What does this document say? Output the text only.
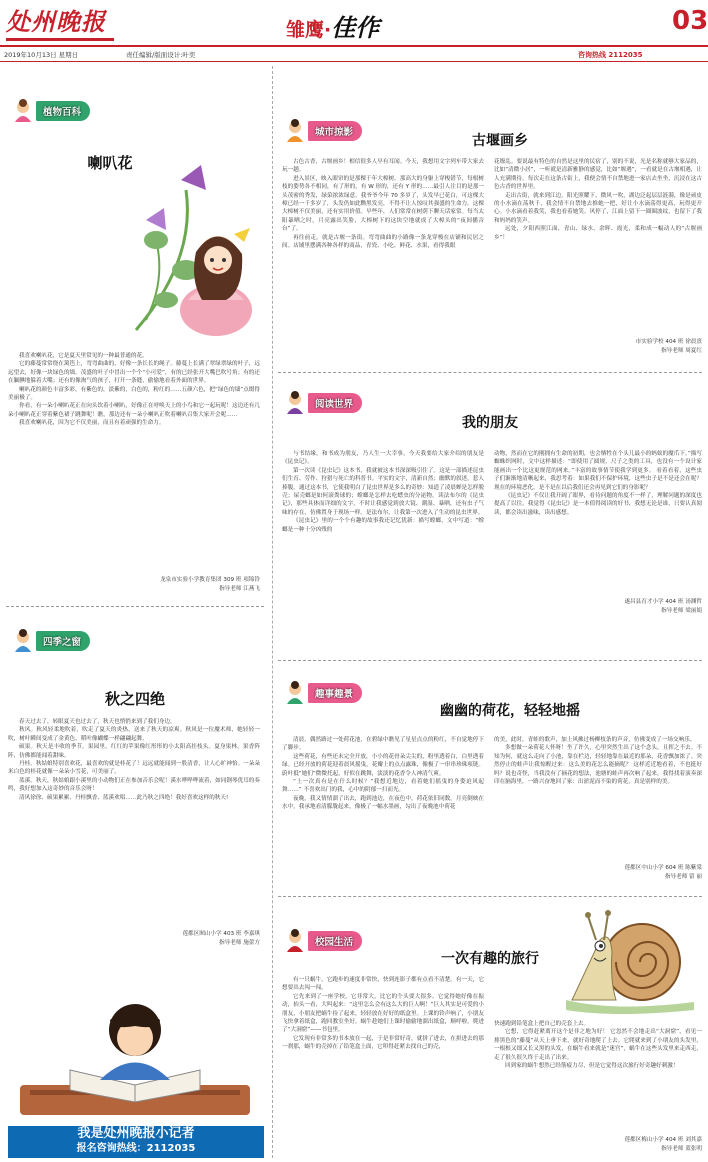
处州晚报	雏鹰·佳作	03
2019年10月13日 星期日	责任编辑/版面设计:叶奕	咨询热线 2112035
植物百科
喇叭花

我喜欢喇叭花，它是夏天里常见的一种最普通的花。

它的藤蔓常常绕在篱笆上，弯弯曲曲的，好像一条长长的绳子。藤蔓上长满了翠绿翠绿的叶子，远远望去，好像一块绿色的墙。茂盛的叶子中冒出一个个“小可爱”，有的已经张开大嘴巴吹号角；有的还在腼腆地躲着大嘴；还有的像淘气的孩子，打开一条缝，偷偷地看着外面的世界。

喇叭花的颜色丰富多彩，有紫色的，淡紫的，白色的，粉红的……五颜六色，把“绿色的墙”点缀得美丽极了。

你看，有一朵小喇叭花正在向头饮着小喇叭，好像正在呼唤天上的小鸟和它一起玩呢！这边还有几朵小喇叭花正穿着紫色裙子跳舞呢！瞧，那边还有一朵小喇叭正吹着喇叭召集大家开会呢……

我喜欢喇叭花，因为它不仅美丽，而且有着顽强的生命力。

龙泉市实验小学教育集团 309 班 项锦铃
指导老师 江燕飞
四季之窗
秋之四绝

春天过去了，转眼夏天也过去了，秋天也悄悄来到了我们身边。

秋风。秋风轻柔地吹着，吹走了夏天的炎热，送来了秋天的凉爽。秋风是一位魔术师，她轻轻一吹，树叶瞬间变成了金黄色，稻叶像蝴蝶一样翩翩起舞。

硕果。秋天是丰收的季节。果园里，红红的苹果像红彤彤的小太阳高挂枝头。夏身果林，果香阵阵，仿佛都能闻着甜味。

丹桂。秋姑娘特别喜欢花，最喜欢的就是桂花了！远远就能闻到一股清香，让人心旷神怡。一朵朵米白色的桂花就像一朵朵小雪花，可美丽了。

蓝溪。秋天，秋姑娘跟小溪里的小动物们正在参加音乐会呢！溪水哗哗哗流着，如同钢琴优耳的奏鸣，我好想加入这奇妙的音乐会呀！

清风徐徐、硕果累累、丹桂飘香、蓝溪欢唱……此乃秋之四绝！我好喜欢这样的秋天!

莲都区囿山小学 403 班 李嘉琪
指导老师 施蕾方
我是处州晚报小记者
报名咨询热线：2112035
城市掠影
古堰画乡

古色古香，古堰画乡！相信很多人早有耳闻。今天，我想用文字列车带大家去玩一趟。

进入景区，映入眼帘的是那棵千年大樟树。那高大的身躯上穿梭错节，每根树枝的姿势各不相同，有了形的，有 W 形的，还有 Y 形的……最引人注目的是那一头茂密的秀发，绿染浓浓绿意。我爷爷今年 70 多岁了，头发早已花白，可这棵大樟已经一千多岁了，头发仍如此黝黑发亮，不得不让人惊叹其强盛的生命力。这棵大樟树不仅美丽，还有实用价值。早些年，人们常常在树荫下聊天话家常。每当太阳暴晒之时，月亮露出笑脸，大樟树下的这块空地就成了大樟头的“夜间播音台”了。

再往前走，就是古堰一条街。弯弯曲曲的小路像一条龙穿梭在店铺和民居之间。店铺里摆满各种各样的商品，青瓷、小吃、鲜花、水果，看得我眼

花缭乱。要说最有特色的自然是这里的民宿了，别的不说，光是名称就够大家品的，比如“清微小居”，一听就是清新雅静的感觉，比如“堰遇”，一看就是在古堰相遇，让人充满期待。每次走在这条古街上，我便会情不自禁地进一家店去坐坐，沉浸在这古色古香的世界里。

走出古街，就来到江边。阳光照耀下，微风一吹，湖边泛起层层涟漪，像是顽皮的小水滴在荡秋千，我会情不自禁地去推她一把，好让小水滴荡得更高，玩得更开心。小水滴看着我笑，我也看着她笑。风停了，江面上留下一圈圈波纹，也留下了我和妈妈的笑声。

远处，夕阳西照江面，青山、绿水、余晖、霞光，柔和成一幅动人的“古堰画乡”！

市实验学校 404 班 徐晨熹
指导老师 周夏红
阅读世界
我的朋友

与书结缘，和书成为朋友，乃人生一大幸事。今天我要给大家介绍的朋友是《昆虫记》。

第一次读《昆虫记》这本书，我就被这本书深深吸引住了。这是一部描述昆虫们生育、劳作、狩猎与死亡的科普书。平实的文字，清新自然；幽默的叙述，惹人捧腹。通过这本书，它使我明白了昆虫世界是多么的奇妙：知道了凌晨蝉是怎样脱壳；屎壳螂是如何滚粪球的；螳螂是怎样去吃蟋虫的分泌物。读法布尔的《昆虫记》，那些具体而详细的文字，不时让我感觉到放大镜、潮湿、暴晒，还有虫子气味的存在，仿佛置身于现场一样。是法布尔，让我第一次进入了生动的昆虫世界。

《昆虫记》里的一个个有趣的故事我还记忆犹新：描写螳螂，文中写道：“螳螂是一种十分凶残的

动物，然而在它的刚拥有生命的初期，也会牺牲在个头儿最小的蚂蚁的魔爪下。”描写蜘蛛织网时，文中这样描述：“即使用了圆规、尺子之类的工具，也没有一个设计家能画出一个比这更规范的网来。”丰富的故事情节使我学到更多。 看着看着，这些虫子们渐渐地清晰起来，我思考着：如果我们不保护环境，这些虫子是不是还会在呢？现在的环境恶化，是不是在以后我们还会再见到它们的身影呢？

《昆虫记》不仅让我开阔了眼界，看待问题的角度不一样了，理解问题的深度也提高了以往。我觉得《昆虫记》是一本值得阅读的好书，我想无论是谁，只要认真阅读，都会读出滋味，读出感想。

遂昌县育才小学 404 班 汤渊哲
指导老师 梁丽娟
趣事趣景
幽幽的荷花，轻轻地摇

清晨，偶然路过一处荷花池，在碧绿中瞧见了星星点点的粉红，不自觉地停下了脚步。

这些荷花，有些还未完全开放，小小的花骨朵尖尖的，粉里透着白，白里透着绿。已经开放的荷花迎着晨风摇曳，花瓣上的点点露珠，像极了一串串珍珠项链。蔚叶抵“她们”微微托起，好似在跳舞，淡淡的花香令人神清气爽。

“上一次真有是在什么时候？”我想近地边，看着她们摇曳的身姿迫风起舞……” 不喜欢出门的我，心中的阴郁一扫而光。

夜晚，我又情情溜了出去，跑到池边，在夜色中，荷花依旧同数。月亮倒映在水中，我承地看清朦胧起来，像极了一幅水墨画，勾出了夜晚池中荷花

的美，此时，青蛙的歌声，加上风拂过杨柳枝条的声音，仿佛变成了一场交响乐。

多想做一朵荷花人怀呀！坐了许久，心里突然生出了这个念头，且挥之不去。不知为何，就这么走向了小池，靠在栏边，轻轻地靠在最近的那朵，花香飘加浓了。突然停止的蛙声让我惊醒过来：这么美的花怎么能摘呢？ 这样近近地看着，不也挺好吗？说也奇怪，当我没有了摘花的想法，池塘的蛙声再次响了起来，我得找着演奏深印在脑海里，一路兴奋地回了家：出淤泥而不染的荷花，真是别样的美。

莲都区中山小学 604 班 陈紫棠
指导老师 留 丽
校园生活
一次有趣的旅行

有一只蜗牛，它跑步的速度非常快，快到连影子都有点看不清楚。有一天，它想要出去闯一闯。

它先来到了一座学校，它非常大，比它的个头要大很多。它觉得她好像在振动，抬头一看，大叫起来：“这里怎么会有这么大的巨人啊！”巨人其实是可爱的小朋友，小朋友把蜗牛捡了起来，轻轻放在好好的纸盒里。上课的铃声响了，小朋友飞快拿着纸盒，跑回教室坐好。蜗牛趁她们上课时偷偷地溜出纸盒，顺呼啦，爬进了“大洞窟”——书包里。

它发现有非常多的书本放在一起，于是非常好奇，就拼了进去，在拼进去的那一刹那，蜗牛的壳掉在了铅笔盒上面，它叩得赶紧去找自己的壳，

快速跑到铅笔盒上把自己的壳套上去。

它想，它得赶紧离开这个是非之地为好！ 它忽然不会地走出“大洞窟”，看见一排黑色的“藤蔓”从天上垂下来，就好奇地爬了上去。它爬就来到了小朋友的头发里，一根根又细又长又黑的头发，在蜗牛看来就是“迷宫”，蜗牛在这些头发里来走西走，走了很久很久终于走出了出来。

回到家的蜗牛想然已经筋疲力尽，但是它觉得这次旅行好奇趣好刺激！

莲都区梅山小学 404 班 刘其嘉
指导老师 蓝张明
